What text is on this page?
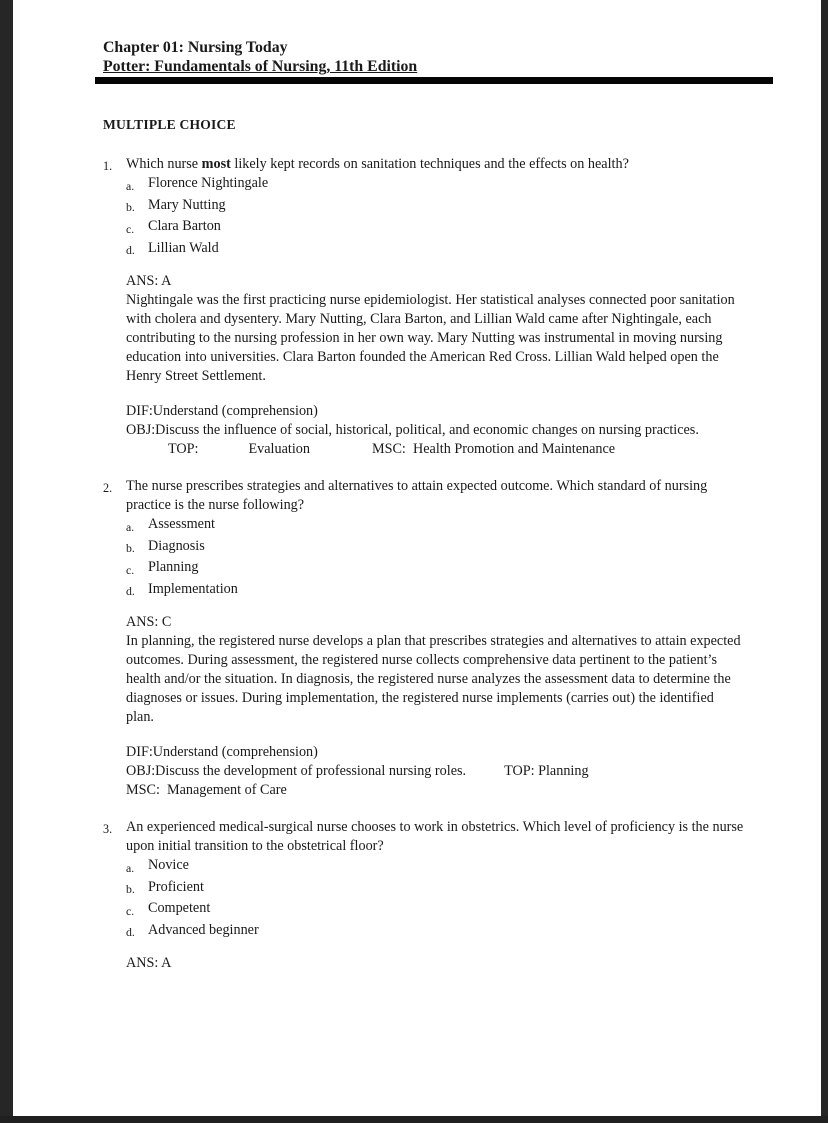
Chapter 01: Nursing Today
Potter: Fundamentals of Nursing, 11th Edition
MULTIPLE CHOICE
1. Which nurse most likely kept records on sanitation techniques and the effects on health?
a. Florence Nightingale
b. Mary Nutting
c. Clara Barton
d. Lillian Wald
ANS: A
Nightingale was the first practicing nurse epidemiologist. Her statistical analyses connected poor sanitation with cholera and dysentery. Mary Nutting, Clara Barton, and Lillian Wald came after Nightingale, each contributing to the nursing profession in her own way. Mary Nutting was instrumental in moving nursing education into universities. Clara Barton founded the American Red Cross. Lillian Wald helped open the Henry Street Settlement.
DIF:Understand (comprehension)
OBJ:Discuss the influence of social, historical, political, and economic changes on nursing practices.
TOP:	Evaluation	MSC:  Health Promotion and Maintenance
2. The nurse prescribes strategies and alternatives to attain expected outcome. Which standard of nursing practice is the nurse following?
a. Assessment
b. Diagnosis
c. Planning
d. Implementation
ANS: C
In planning, the registered nurse develops a plan that prescribes strategies and alternatives to attain expected outcomes. During assessment, the registered nurse collects comprehensive data pertinent to the patient’s health and/or the situation. In diagnosis, the registered nurse analyzes the assessment data to determine the diagnoses or issues. During implementation, the registered nurse implements (carries out) the identified plan.
DIF:Understand (comprehension)
OBJ:Discuss the development of professional nursing roles.	TOP: Planning
MSC:  Management of Care
3. An experienced medical-surgical nurse chooses to work in obstetrics. Which level of proficiency is the nurse upon initial transition to the obstetrical floor?
a. Novice
b. Proficient
c. Competent
d. Advanced beginner
ANS: A
